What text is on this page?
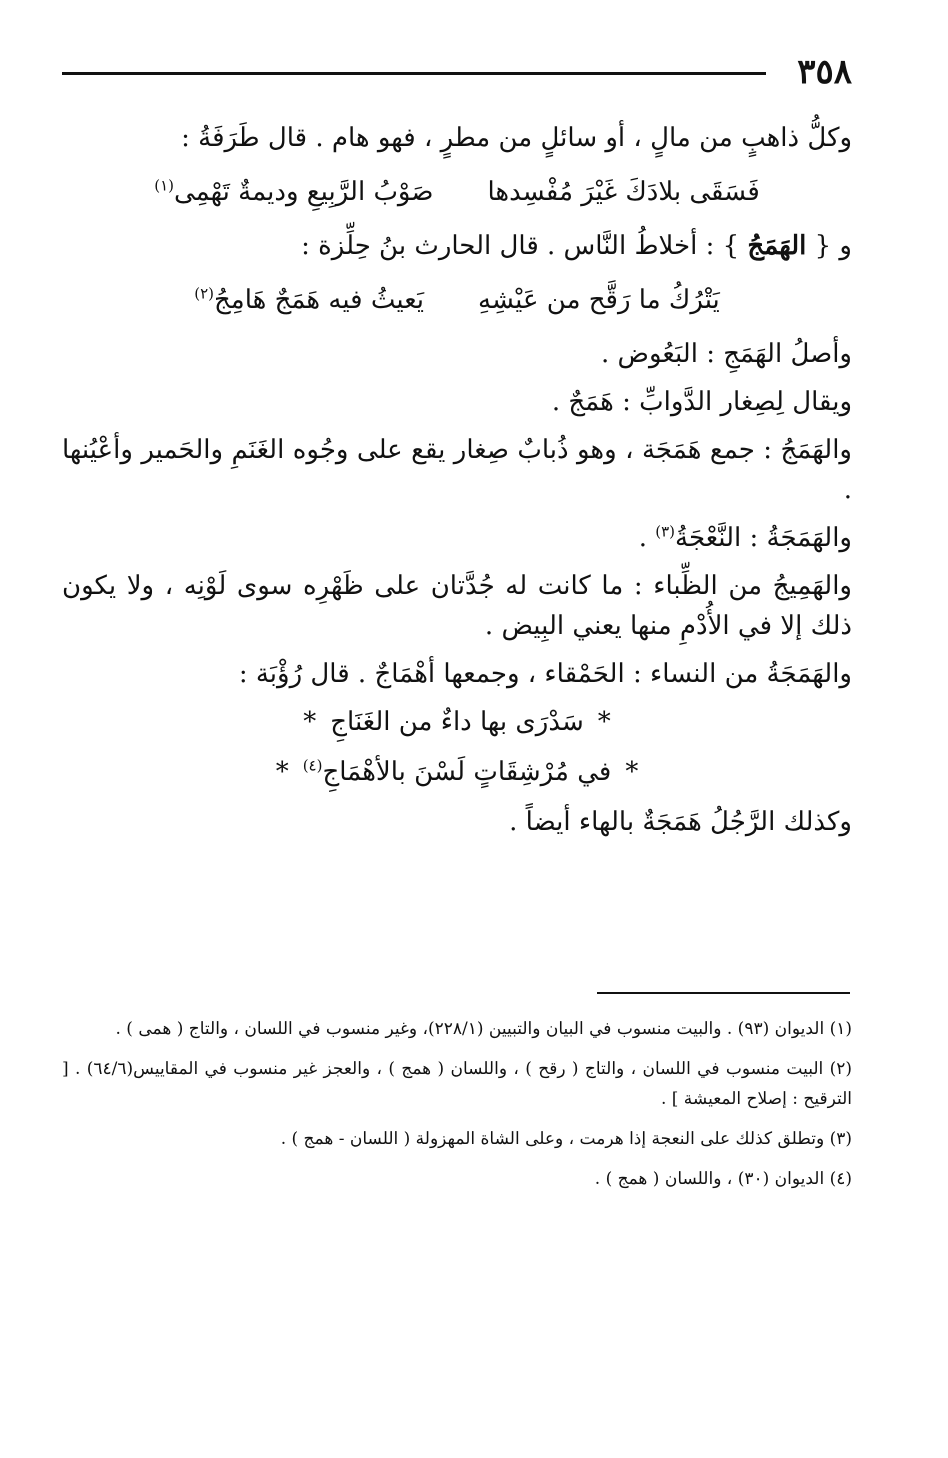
٣٥٨

وكلُّ ذاهبٍ من مالٍ ، أو سائلٍ من مطرٍ ، فهو هام . قال طَرَفَةُ :

فَسَقَى بلادَكَ غَيْرَ مُفْسِدها
صَوْبُ الرَّبِيعِ وديمةٌ تَهْمِى$^{(١)}$

و { الهَمَجُ } : أخلاطُ النَّاس . قال الحارث بنُ حِلِّزة :

يَتْرُكُ ما رَقَّح من عَيْشِهِ
يَعيثُ فيه هَمَجٌ هَامِجُ$^{(٢)}$

وأصلُ الهَمَجِ : البَعُوض .

ويقال لِصِغار الدَّوابِّ : هَمَجٌ .

والهَمَجُ : جمع هَمَجَة ، وهو ذُبابٌ صِغار يقع على وجُوه الغَنَمِ والحَمير وأعْيُنها .

والهَمَجَةُ : النَّعْجَةُ$^{(٣)}$ .

والهَمِيجُ من الظِّباء : ما كانت له جُدَّتان على ظَهْرِه سوى لَوْنِه ، ولا يكون ذلك إلا في الأُدْمِ منها يعني البِيض .

والهَمَجَةُ من النساء : الحَمْقاء ، وجمعها أهْمَاجٌ . قال رُؤْبَة :

*سَدْرَى بها داءٌ من الغَنَاجِ*
*في مُرْشِقَاتٍ لَسْنَ بالأهْمَاجِ$^{(٤)}$*

وكذلك الرَّجُلُ هَمَجَةٌ بالهاء أيضاً .

(١) الديوان (٩٣) . والبيت منسوب في البيان والتبيين (٢٢٨/١)، وغير منسوب في اللسان ، والتاج ( همى ) .

(٢) البيت منسوب في اللسان ، والتاج ( رقح ) ، واللسان ( همج ) ، والعجز غير منسوب في المقاييس(٦٤/٦) . [ الترقيح : إصلاح المعيشة ] .

(٣) وتطلق كذلك على النعجة إذا هرمت ، وعلى الشاة المهزولة ( اللسان - همج ) .

(٤) الديوان (٣٠) ، واللسان ( همج ) .
